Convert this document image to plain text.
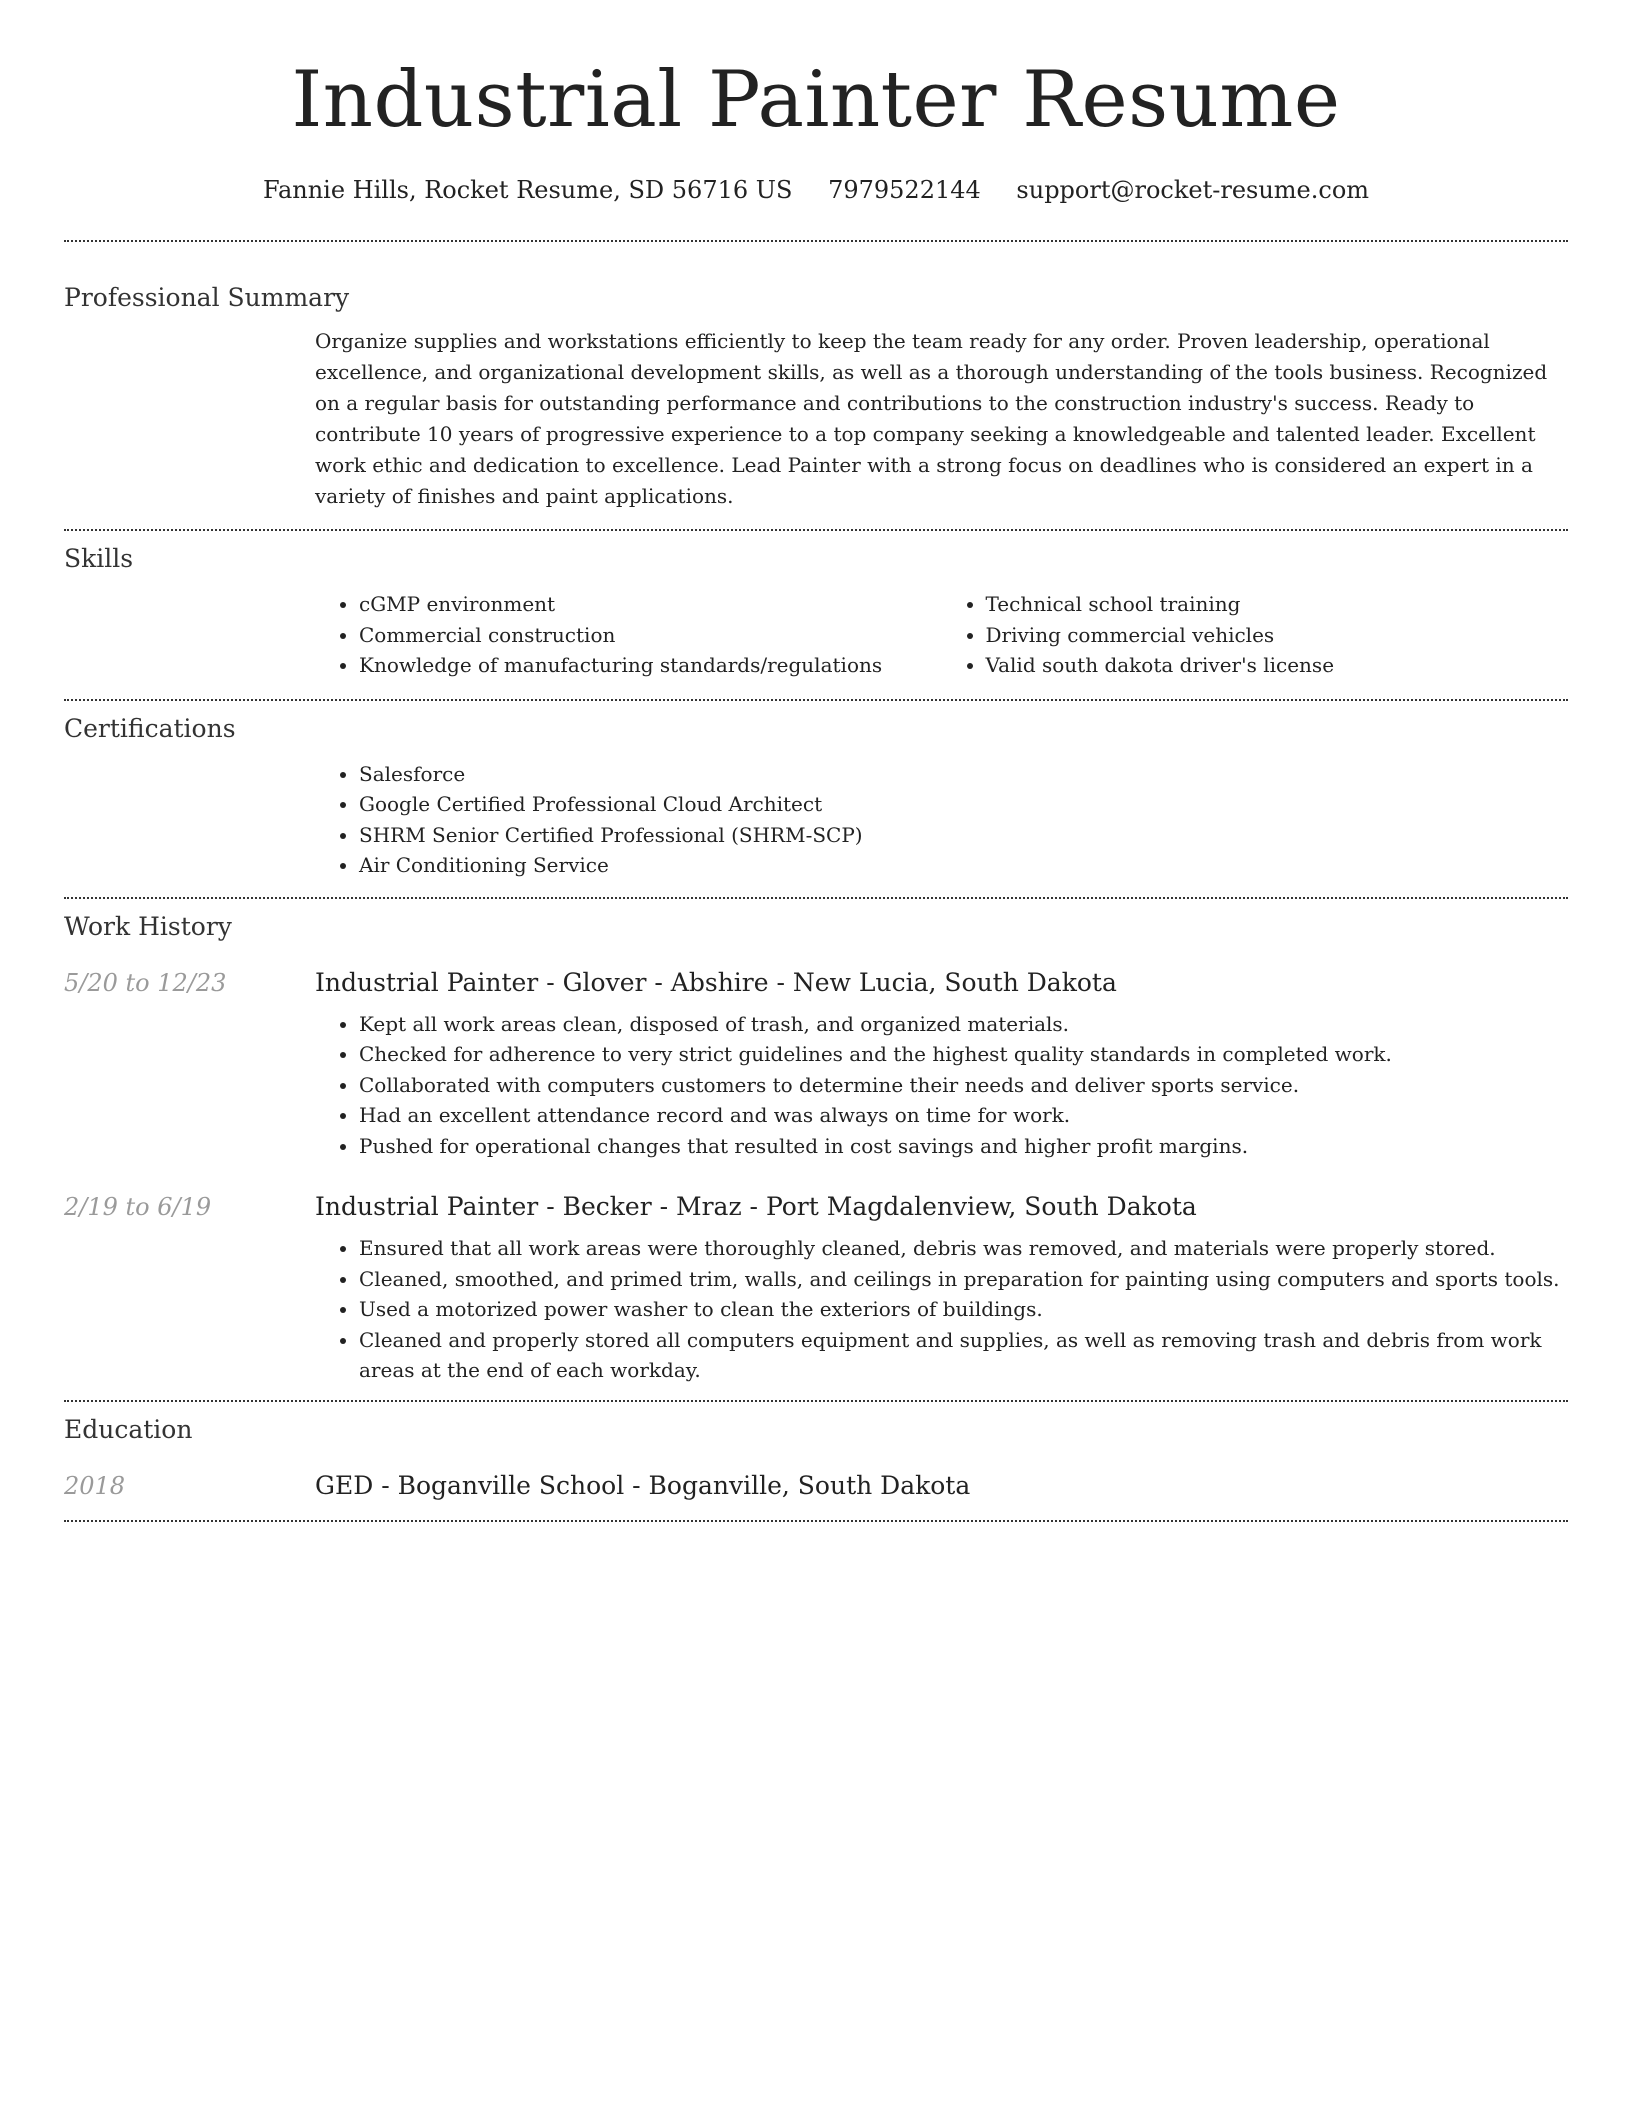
Industrial Painter Resume
Fannie Hills, Rocket Resume, SD 56716 US 7979522144 support@rocket-resume.com
Professional Summary
Organize supplies and workstations efficiently to keep the team ready for any order. Proven leadership, operational excellence, and organizational development skills, as well as a thorough understanding of the tools business. Recognized on a regular basis for outstanding performance and contributions to the construction industry's success. Ready to contribute 10 years of progressive experience to a top company seeking a knowledgeable and talented leader. Excellent work ethic and dedication to excellence. Lead Painter with a strong focus on deadlines who is considered an expert in a variety of finishes and paint applications.
Skills
• cGMP environment
• Commercial construction
• Knowledge of manufacturing standards/regulations
• Technical school training
• Driving commercial vehicles
• Valid south dakota driver's license
Certifications
• Salesforce
• Google Certified Professional Cloud Architect
• SHRM Senior Certified Professional (SHRM-SCP)
• Air Conditioning Service
Work History
5/20 to 12/23	Industrial Painter - Glover - Abshire - New Lucia, South Dakota
• Kept all work areas clean, disposed of trash, and organized materials.
• Checked for adherence to very strict guidelines and the highest quality standards in completed work.
• Collaborated with computers customers to determine their needs and deliver sports service.
• Had an excellent attendance record and was always on time for work.
• Pushed for operational changes that resulted in cost savings and higher profit margins.
2/19 to 6/19	Industrial Painter - Becker - Mraz - Port Magdalenview, South Dakota
• Ensured that all work areas were thoroughly cleaned, debris was removed, and materials were properly stored.
• Cleaned, smoothed, and primed trim, walls, and ceilings in preparation for painting using computers and sports tools.
• Used a motorized power washer to clean the exteriors of buildings.
• Cleaned and properly stored all computers equipment and supplies, as well as removing trash and debris from work areas at the end of each workday.
Education
2018	GED - Boganville School - Boganville, South Dakota
